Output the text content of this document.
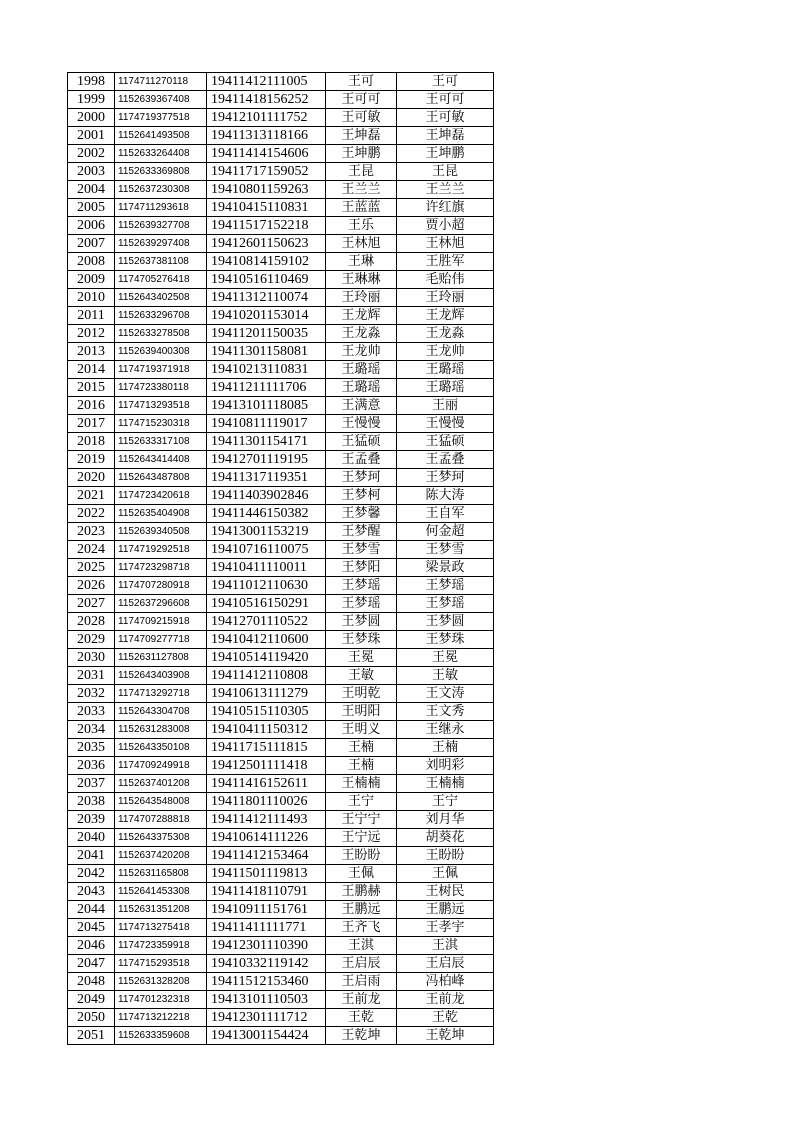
1998	1174711270118	19411412111005	王可	王可
1999	1152639367408	19411418156252	王可可	王可可
2000	1174719377518	19412101111752	王可敏	王可敏
2001	1152641493508	19411313118166	王坤磊	王坤磊
2002	1152633264408	19411414154606	王坤鹏	王坤鹏
2003	1152633369808	19411717159052	王昆	王昆
2004	1152637230308	19410801159263	王兰兰	王兰兰
2005	1174711293618	19410415110831	王蓝蓝	许红旗
2006	1152639327708	19411517152218	王乐	贾小超
2007	1152639297408	19412601150623	王林旭	王林旭
2008	1152637381108	19410814159102	王琳	王胜军
2009	1174705276418	19410516110469	王琳琳	毛贻伟
2010	1152643402508	19411312110074	王玲丽	王玲丽
2011	1152633296708	19410201153014	王龙辉	王龙辉
2012	1152633278508	19411201150035	王龙淼	王龙淼
2013	1152639400308	19411301158081	王龙帅	王龙帅
2014	1174719371918	19410213110831	王璐瑶	王璐瑶
2015	1174723380118	19411211111706	王璐瑶	王璐瑶
2016	1174713293518	19413101118085	王满意	王丽
2017	1174715230318	19410811119017	王慢慢	王慢慢
2018	1152633317108	19411301154171	王猛硕	王猛硕
2019	1152643414408	19412701119195	王孟叠	王孟叠
2020	1152643487808	19411317119351	王梦珂	王梦珂
2021	1174723420618	19411403902846	王梦柯	陈大涛
2022	1152635404908	19411446150382	王梦馨	王自军
2023	1152639340508	19413001153219	王梦醒	何金超
2024	1174719292518	19410716110075	王梦雪	王梦雪
2025	1174723298718	19410411110011	王梦阳	梁景政
2026	1174707280918	19411012110630	王梦瑶	王梦瑶
2027	1152637296608	19410516150291	王梦瑶	王梦瑶
2028	1174709215918	19412701110522	王梦圆	王梦圆
2029	1174709277718	19410412110600	王梦珠	王梦珠
2030	1152631127808	19410514119420	王冕	王冕
2031	1152643403908	19411412110808	王敏	王敏
2032	1174713292718	19410613111279	王明乾	王文涛
2033	1152643304708	19410515110305	王明阳	王文秀
2034	1152631283008	19410411150312	王明义	王继永
2035	1152643350108	19411715111815	王楠	王楠
2036	1174709249918	19412501111418	王楠	刘明彩
2037	1152637401208	19411416152611	王楠楠	王楠楠
2038	1152643548008	19411801110026	王宁	王宁
2039	1174707288818	19411412111493	王宁宁	刘月华
2040	1152643375308	19410614111226	王宁远	胡葵花
2041	1152637420208	19411412153464	王盼盼	王盼盼
2042	1152631165808	19411501119813	王佩	王佩
2043	1152641453308	19411418110791	王鹏赫	王树民
2044	1152631351208	19410911151761	王鹏远	王鹏远
2045	1174713275418	19411411111771	王齐飞	王孝宇
2046	1174723359918	19412301110390	王淇	王淇
2047	1174715293518	19410332119142	王启辰	王启辰
2048	1152631328208	19411512153460	王启雨	冯柏峰
2049	1174701232318	19413101110503	王前龙	王前龙
2050	1174713212218	19412301111712	王乾	王乾
2051	1152633359608	19413001154424	王乾坤	王乾坤
